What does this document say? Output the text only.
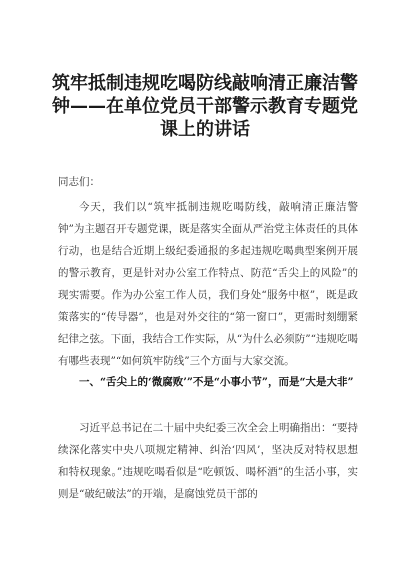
筑牢抵制违规吃喝防线敲响清正廉洁警钟——在单位党员干部警示教育专题党课上的讲话

同志们：

今天，我们以“筑牢抵制违规吃喝防线，敲响清正廉洁警钟”为主题召开专题党课，既是落实全面从严治党主体责任的具体行动，也是结合近期上级纪委通报的多起违规吃喝典型案例开展的警示教育，更是针对办公室工作特点、防范“舌尖上的风险”的现实需要。作为办公室工作人员，我们身处“服务中枢”，既是政策落实的“传导器”，也是对外交往的“第一窗口”，更需时刻绷紧纪律之弦。下面，我结合工作实际，从“为什么必须防”“违规吃喝有哪些表现”“如何筑牢防线”三个方面与大家交流。

一、“舌尖上的‘微腐败’”不是“小事小节”，而是“大是大非”

习近平总书记在二十届中央纪委三次全会上明确指出：“要持续深化落实中央八项规定精神、纠治‘四风’，坚决反对特权思想和特权现象。”违规吃喝看似是“吃顿饭、喝杯酒”的生活小事，实则是“破纪破法”的开端，是腐蚀党员干部的
